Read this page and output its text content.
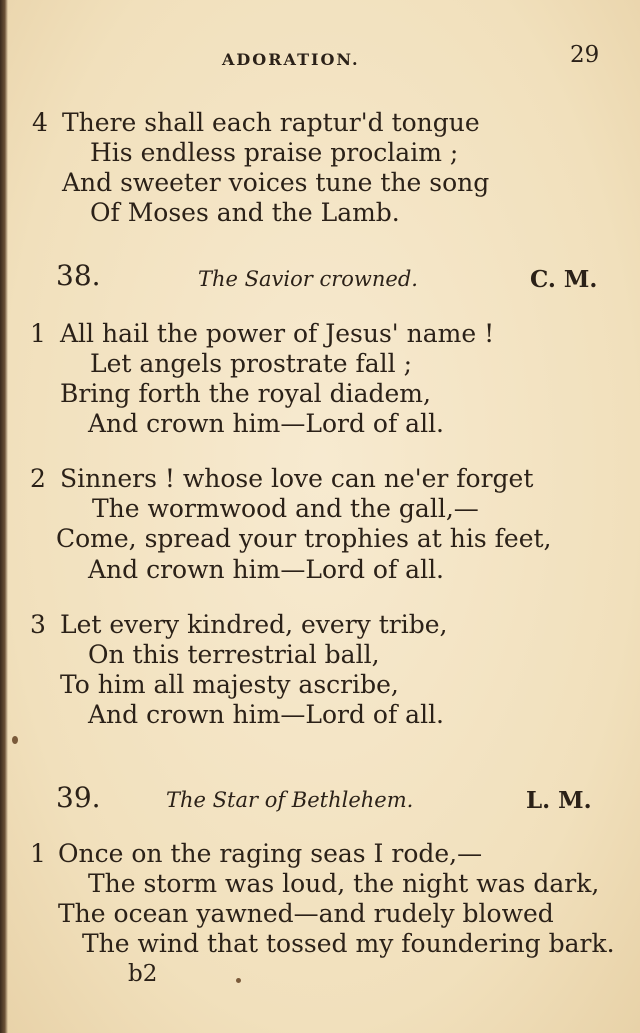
ADORATION.	29
4 There shall each raptur'd tongue
His endless praise proclaim ;
And sweeter voices tune the song
Of Moses and the Lamb.
38.	The Savior crowned.	C. M.
1 All hail the power of Jesus' name !
Let angels prostrate fall ;
Bring forth the royal diadem,
And crown him—Lord of all.
2 Sinners ! whose love can ne'er forget
The wormwood and the gall,—
Come, spread your trophies at his feet,
And crown him—Lord of all.
3 Let every kindred, every tribe,
On this terrestrial ball,
To him all majesty ascribe,
And crown him—Lord of all.
39.	The Star of Bethlehem.	L. M.
1 Once on the raging seas I rode,—
The storm was loud, the night was dark,
The ocean yawned—and rudely blowed
The wind that tossed my foundering bark.
b2
